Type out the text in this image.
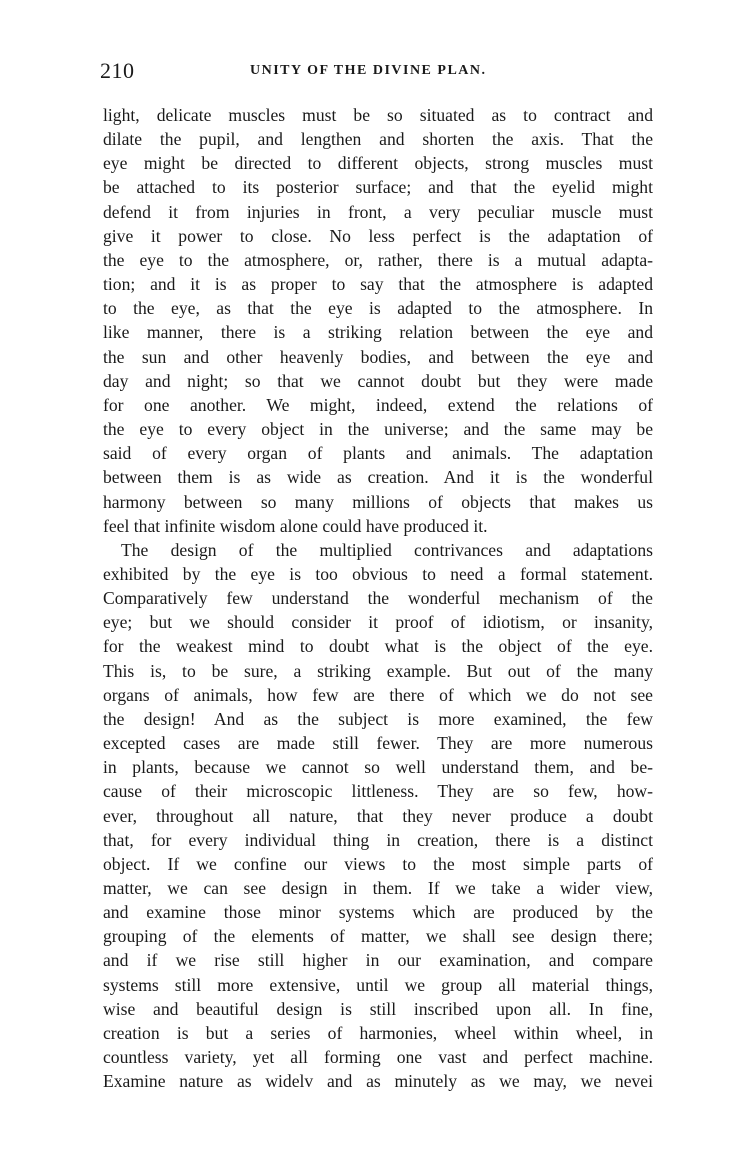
210	UNITY OF THE DIVINE PLAN.
light, delicate muscles must be so situated as to contract and
dilate the pupil, and lengthen and shorten the axis. That the
eye might be directed to different objects, strong muscles must
be attached to its posterior surface; and that the eyelid might
defend it from injuries in front, a very peculiar muscle must
give it power to close. No less perfect is the adaptation of
the eye to the atmosphere, or, rather, there is a mutual adapta-
tion; and it is as proper to say that the atmosphere is adapted
to the eye, as that the eye is adapted to the atmosphere. In
like manner, there is a striking relation between the eye and
the sun and other heavenly bodies, and between the eye and
day and night; so that we cannot doubt but they were made
for one another. We might, indeed, extend the relations of
the eye to every object in the universe; and the same may be
said of every organ of plants and animals. The adaptation
between them is as wide as creation. And it is the wonderful
harmony between so many millions of objects that makes us
feel that infinite wisdom alone could have produced it.
The design of the multiplied contrivances and adaptations
exhibited by the eye is too obvious to need a formal statement.
Comparatively few understand the wonderful mechanism of the
eye; but we should consider it proof of idiotism, or insanity,
for the weakest mind to doubt what is the object of the eye.
This is, to be sure, a striking example. But out of the many
organs of animals, how few are there of which we do not see
the design! And as the subject is more examined, the few
excepted cases are made still fewer. They are more numerous
in plants, because we cannot so well understand them, and be-
cause of their microscopic littleness. They are so few, how-
ever, throughout all nature, that they never produce a doubt
that, for every individual thing in creation, there is a distinct
object. If we confine our views to the most simple parts of
matter, we can see design in them. If we take a wider view,
and examine those minor systems which are produced by the
grouping of the elements of matter, we shall see design there;
and if we rise still higher in our examination, and compare
systems still more extensive, until we group all material things,
wise and beautiful design is still inscribed upon all. In fine,
creation is but a series of harmonies, wheel within wheel, in
countless variety, yet all forming one vast and perfect machine.
Examine nature as widelv and as minutely as we may, we nevei
